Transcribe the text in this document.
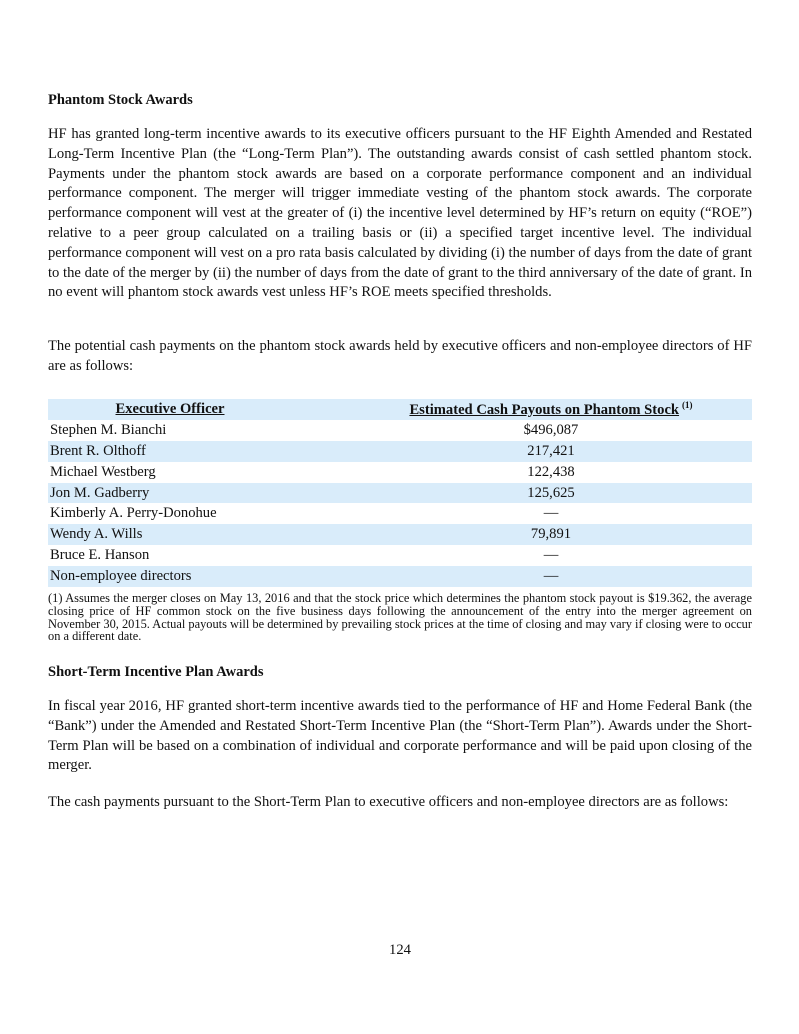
Phantom Stock Awards

HF has granted long-term incentive awards to its executive officers pursuant to the HF Eighth Amended and Restated Long-Term Incentive Plan (the “Long-Term Plan”). The outstanding awards consist of cash settled phantom stock. Payments under the phantom stock awards are based on a corporate performance component and an individual performance component. The merger will trigger immediate vesting of the phantom stock awards. The corporate performance component will vest at the greater of (i) the incentive level determined by HF’s return on equity (“ROE”) relative to a peer group calculated on a trailing basis or (ii) a specified target incentive level. The individual performance component will vest on a pro rata basis calculated by dividing (i) the number of days from the date of grant to the date of the merger by (ii) the number of days from the date of grant to the third anniversary of the date of grant. In no event will phantom stock awards vest unless HF’s ROE meets specified thresholds.

The potential cash payments on the phantom stock awards held by executive officers and non-employee directors of HF are as follows:

Executive Officer	Estimated Cash Payouts on Phantom Stock $^{(1)}$
Stephen M. Bianchi	$496,087
Brent R. Olthoff	217,421
Michael Westberg	122,438
Jon M. Gadberry	125,625
Kimberly A. Perry-Donohue	—
Wendy A. Wills	79,891
Bruce E. Hanson	—
Non-employee directors	—

(1) Assumes the merger closes on May 13, 2016 and that the stock price which determines the phantom stock payout is $19.362, the average closing price of HF common stock on the five business days following the announcement of the entry into the merger agreement on November 30, 2015. Actual payouts will be determined by prevailing stock prices at the time of closing and may vary if closing were to occur on a different date.

Short-Term Incentive Plan Awards

In fiscal year 2016, HF granted short-term incentive awards tied to the performance of HF and Home Federal Bank (the “Bank”) under the Amended and Restated Short-Term Incentive Plan (the “Short-Term Plan”). Awards under the Short-Term Plan will be based on a combination of individual and corporate performance and will be paid upon closing of the merger.

The cash payments pursuant to the Short-Term Plan to executive officers and non-employee directors are as follows:

124
